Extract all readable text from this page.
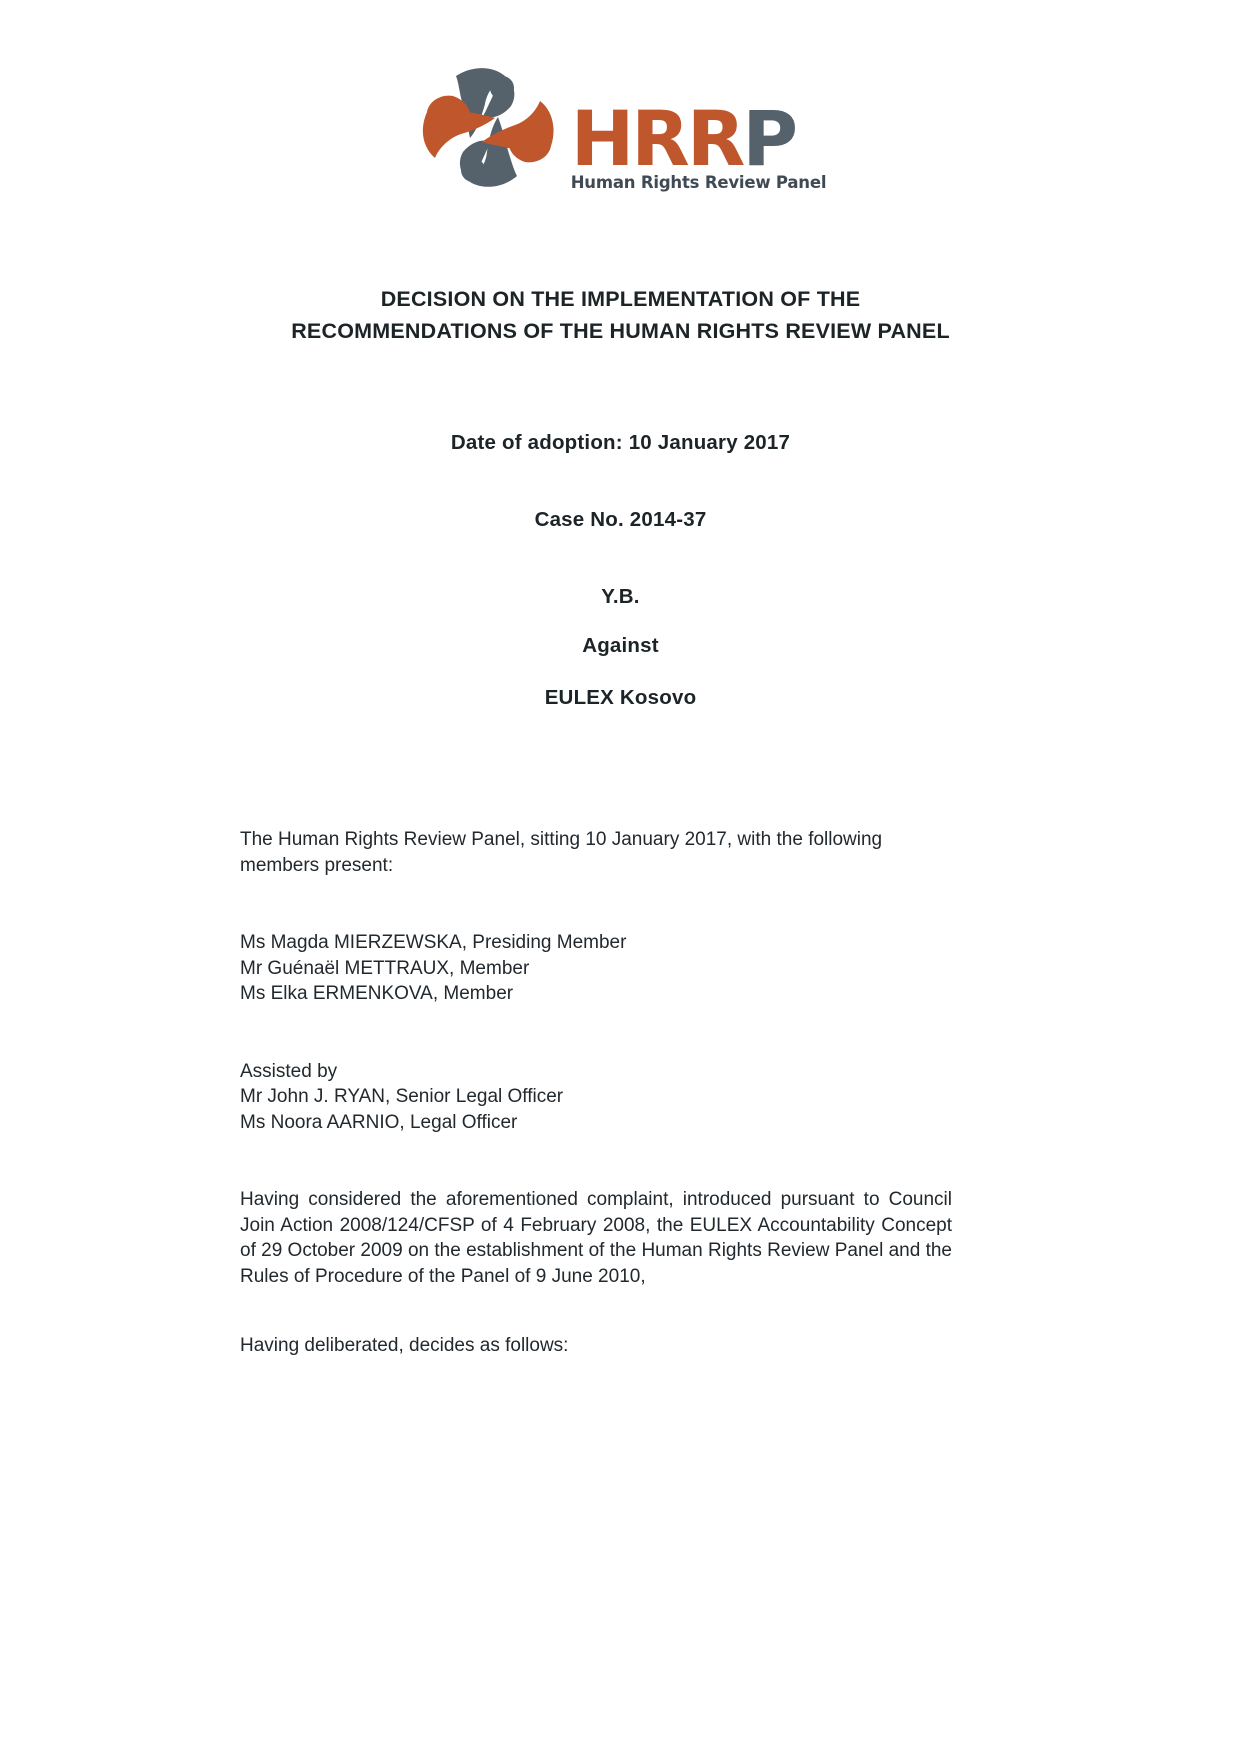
HRRP
Human Rights Review Panel
DECISION ON THE IMPLEMENTATION OF THE
RECOMMENDATIONS OF THE HUMAN RIGHTS REVIEW PANEL
Date of adoption: 10 January 2017
Case No. 2014-37
Y.B.
Against
EULEX Kosovo

The Human Rights Review Panel, sitting 10 January 2017, with the following members present:

Ms Magda MIERZEWSKA, Presiding Member
Mr Guénaël METTRAUX, Member
Ms Elka ERMENKOVA, Member
Assisted by
Mr John J. RYAN, Senior Legal Officer
Ms Noora AARNIO, Legal Officer

Having considered the aforementioned complaint, introduced pursuant to Council Join Action 2008/124/CFSP of 4 February 2008, the EULEX Accountability Concept of 29 October 2009 on the establishment of the Human Rights Review Panel and the Rules of Procedure of the Panel of 9 June 2010,

Having deliberated, decides as follows:
